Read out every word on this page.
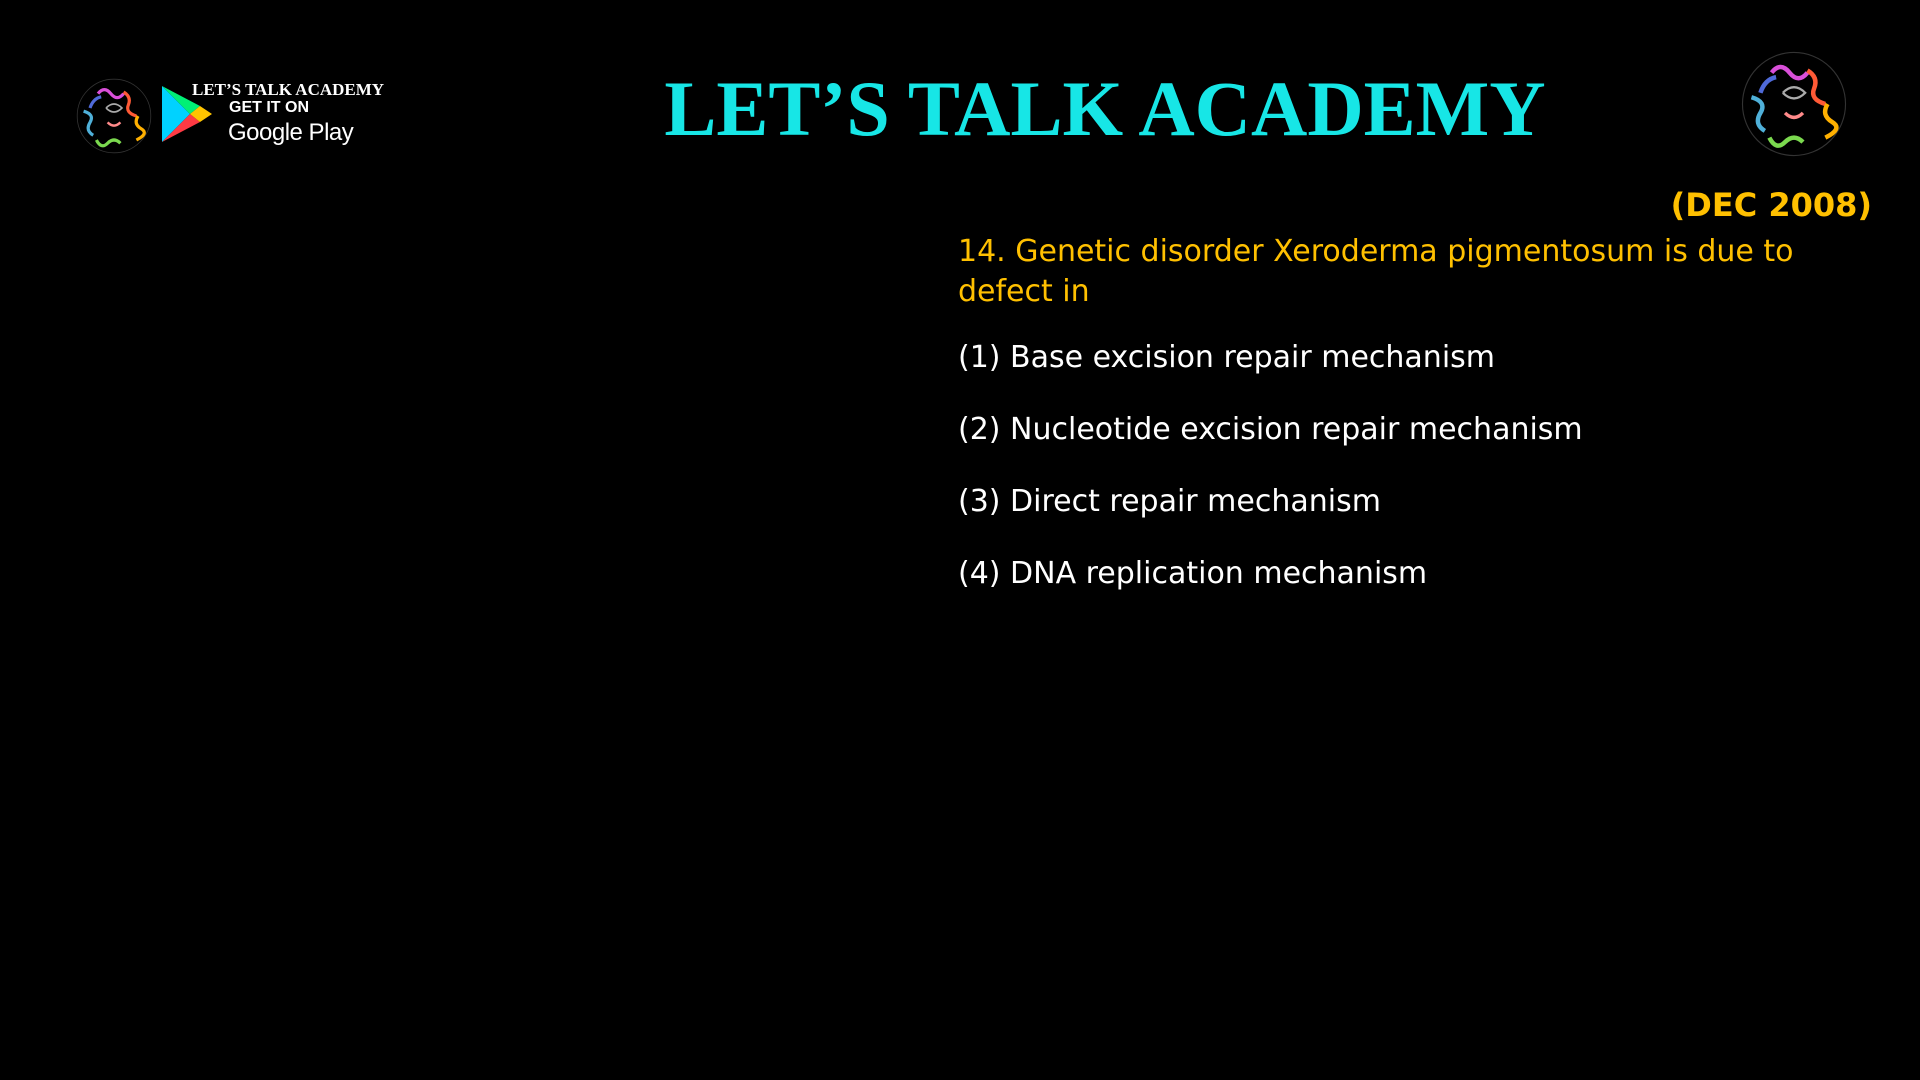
LET’S TALK ACADEMY
GET IT ON
Google Play	LET’S TALK ACADEMY
(DEC 2008)
14. Genetic disorder Xeroderma pigmentosum is due to defect in
(1) Base excision repair mechanism
(2) Nucleotide excision repair mechanism
(3) Direct repair mechanism
(4) DNA replication mechanism
